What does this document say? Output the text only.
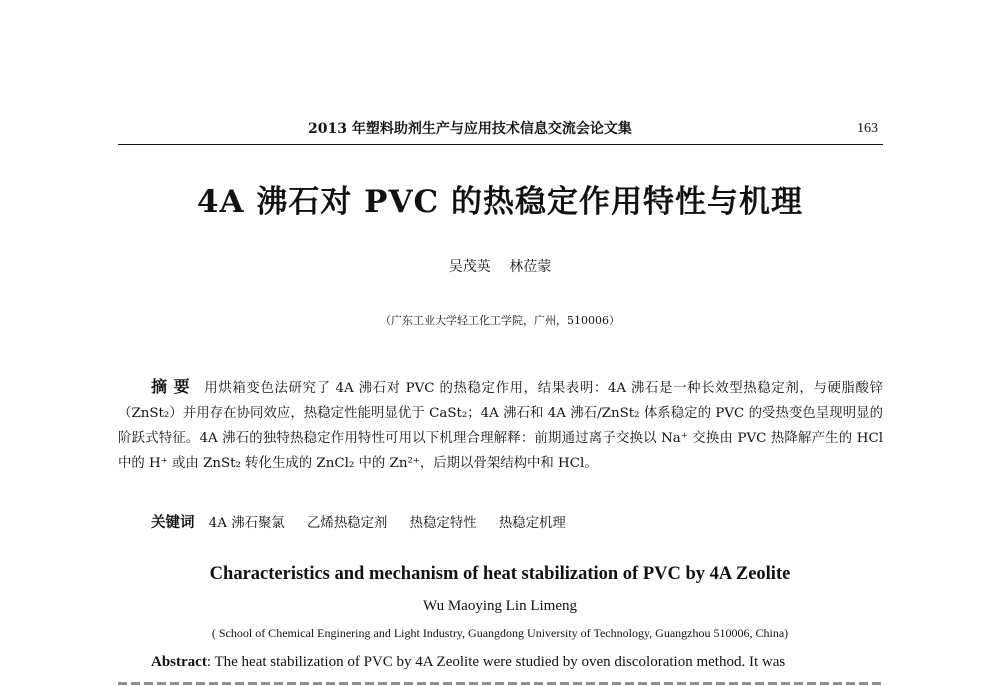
2013 年塑料助剂生产与应用技术信息交流会论文集	163
4A 沸石对 PVC 的热稳定作用特性与机理
吴茂英 林莅蒙
（广东工业大学轻工化工学院，广州，510006）
摘要 用烘箱变色法研究了 4A 沸石对 PVC 的热稳定作用，结果表明：4A 沸石是一种长效型热稳定剂，与硬脂酸锌（ZnSt₂）并用存在协同效应，热稳定性能明显优于 CaSt₂；4A 沸石和 4A 沸石/ZnSt₂ 体系稳定的 PVC 的受热变色呈现明显的阶跃式特征。4A 沸石的独特热稳定作用特性可用以下机理合理解释：前期通过离子交换以 Na⁺ 交换由 PVC 热降解产生的 HCl 中的 H⁺ 或由 ZnSt₂ 转化生成的 ZnCl₂ 中的 Zn²⁺，后期以骨架结构中和 HCl。
关键词 4A 沸石聚氯 乙烯热稳定剂 热稳定特性 热稳定机理
Characteristics and mechanism of heat stabilization of PVC by 4A Zeolite
Wu Maoying Lin Limeng
( School of Chemical Enginering and Light Industry, Guangdong University of Technology, Guangzhou 510006, China)
Abstract: The heat stabilization of PVC by 4A Zeolite were studied by oven discoloration method. It was
